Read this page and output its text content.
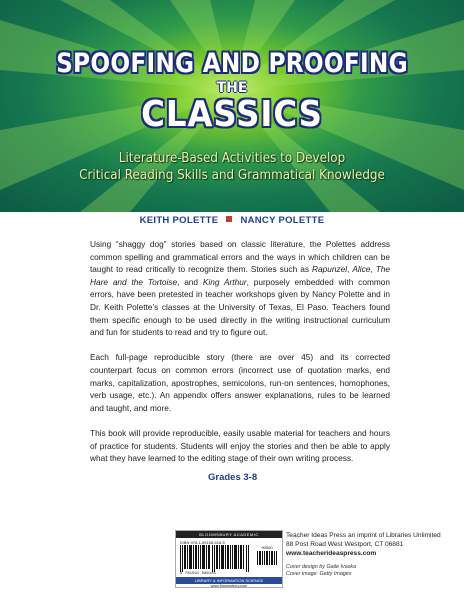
SPOOFING AND PROOFING
THE
CLASSICS
Literature-Based Activities to Develop
Critical Reading Skills and Grammatical Knowledge
KEITH POLETTE NANCY POLETTE

Using “shaggy dog” stories based on classic literature, the Polettes address common spelling and grammatical errors and the ways in which children can be taught to read critically to recognize them. Stories such as Rapunzel, Alice, The Hare and the Tortoise, and King Arthur, purposely embedded with common errors, have been pretested in teacher workshops given by Nancy Polette and in Dr. Keith Polette’s classes at the University of Texas, El Paso. Teachers found them specific enough to be used directly in the writing instructional curriculum and fun for students to read and try to figure out.

Each full-page reproducible story (there are over 45) and its corrected counterpart focus on common errors (incorrect use of quotation marks, end marks, capitalization, apostrophes, semicolons, run-on sentences, homophones, verb usage, etc.). An appendix offers answer explanations, rules to be learned and taught, and more.

This book will provide reproducible, easily usable material for teachers and hours of practice for students. Students will enjoy the stories and then be able to apply what they have learned to the editing stage of their own writing process.

Grades 3-8
BLOOMSBURY ACADEMIC
ISBN 978-1-59158-618-5
90000
9 781591 586185
LIBRARY & INFORMATION SCIENCE
www.bloomsbury.com
Teacher Ideas Press an imprint of Libraries Unlimited
88 Post Road West Westport, CT 06881
www.teacherideaspress.com
Cover design by Gaile Ivaska
Cover image: Getty Images
